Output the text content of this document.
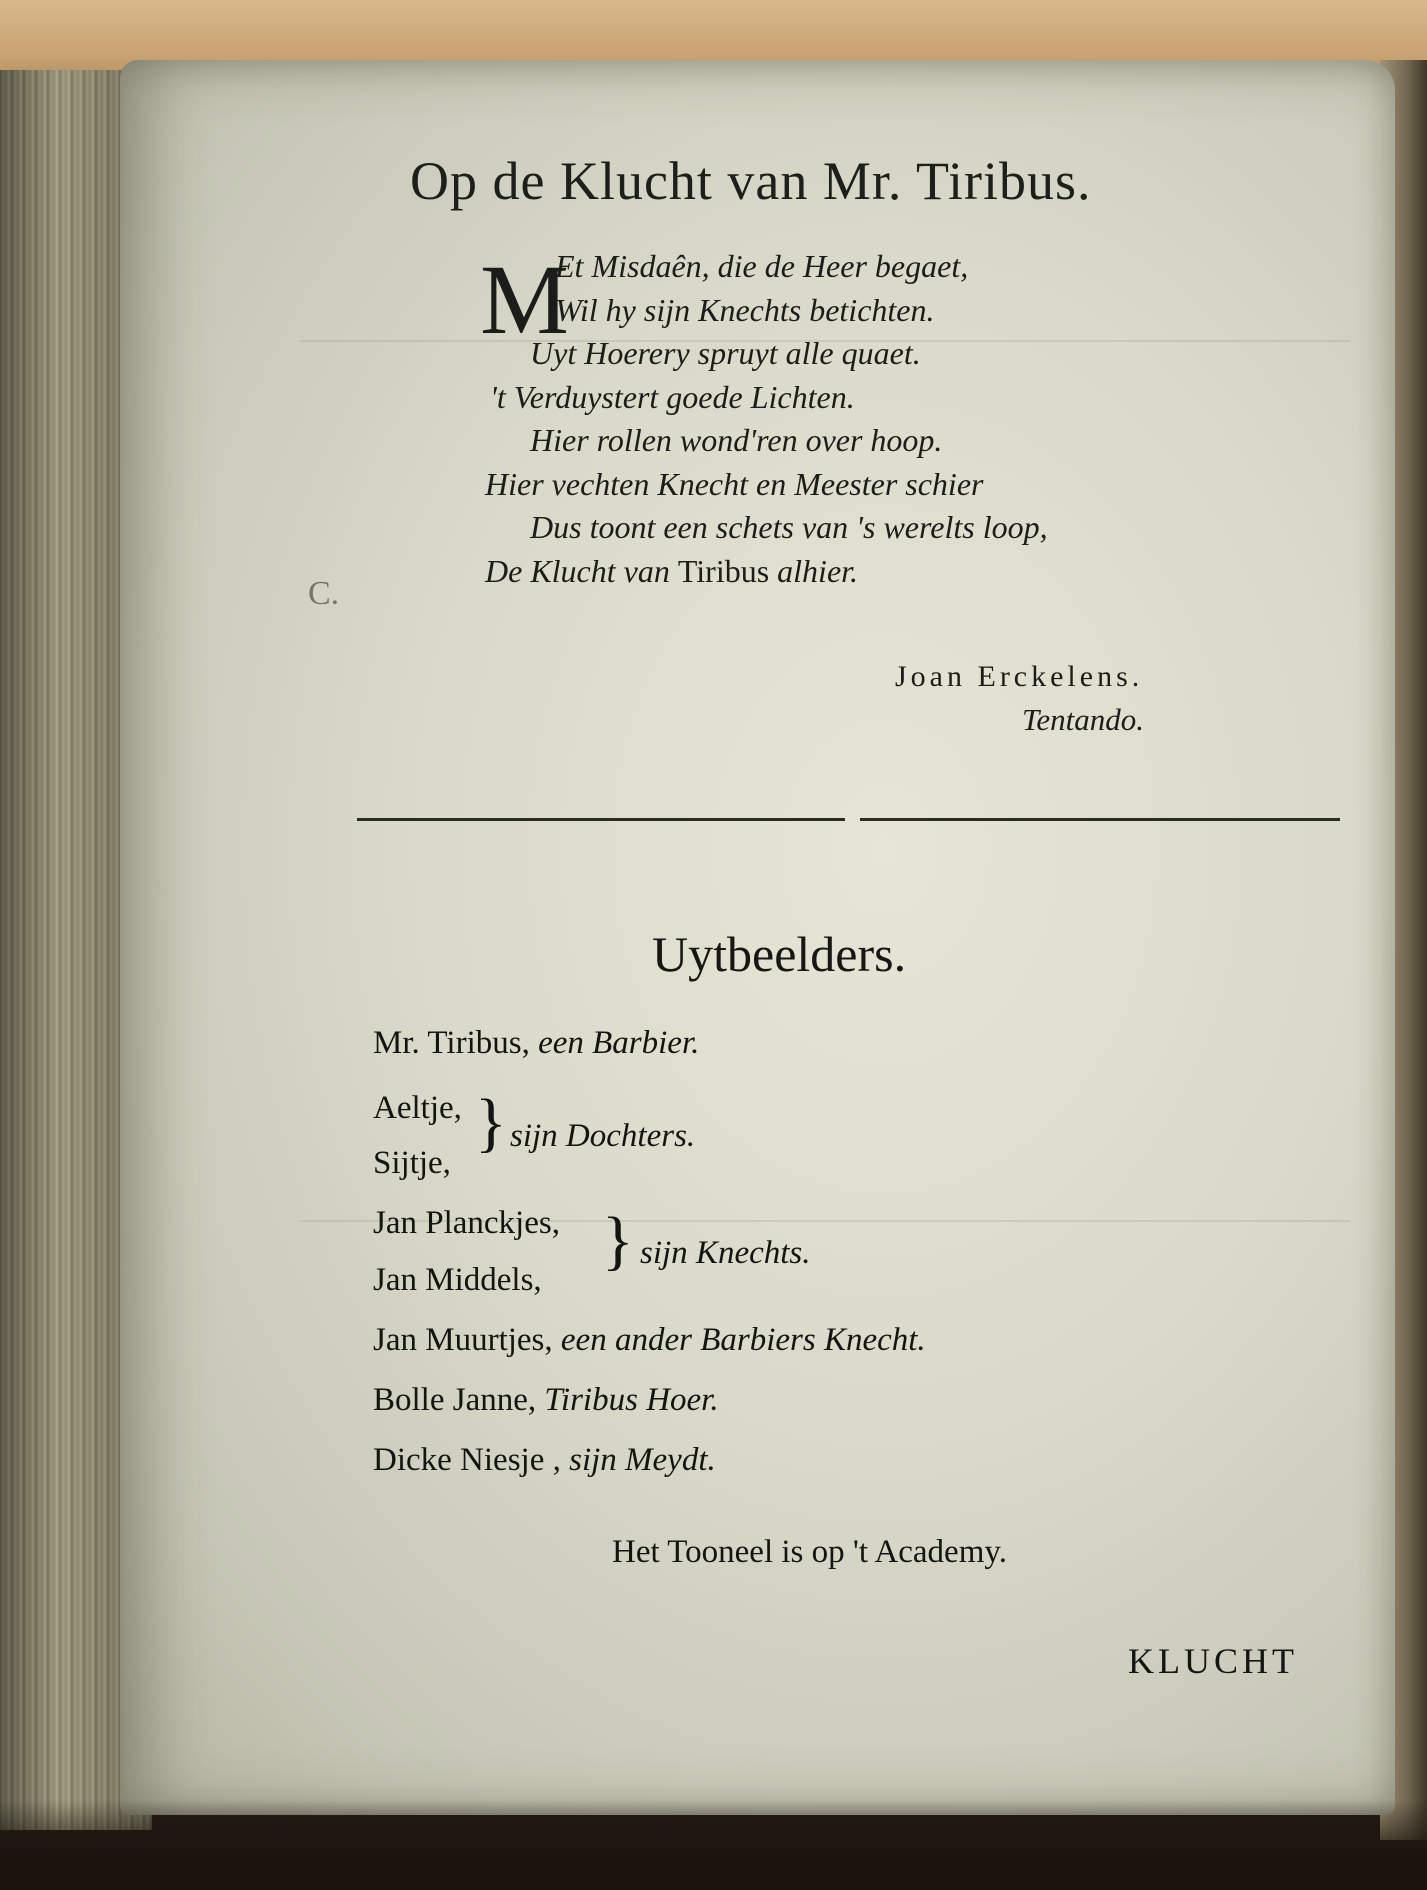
Op de Klucht van Mr. Tiribus.
M
Et Misdaên, die de Heer begaet,
Wil hy sijn Knechts betichten.
Uyt Hoerery spruyt alle quaet.
't Verduystert goede Lichten.
Hier rollen wond'ren over hoop.
Hier vechten Knecht en Meester schier
Dus toont een schets van 's werelts loop,
De Klucht van Tiribus alhier.
C.
Joan Erckelens.
Tentando.
Uytbeelders.
Mr. Tiribus, een Barbier.
Aeltje,
Sijtje,
} sijn Dochters.
Jan Planckjes,
Jan Middels,
} sijn Knechts.
Jan Muurtjes, een ander Barbiers Knecht.
Bolle Janne, Tiribus Hoer.
Dicke Niesje , sijn Meydt.
Het Tooneel is op 't Academy.
KLUCHT
